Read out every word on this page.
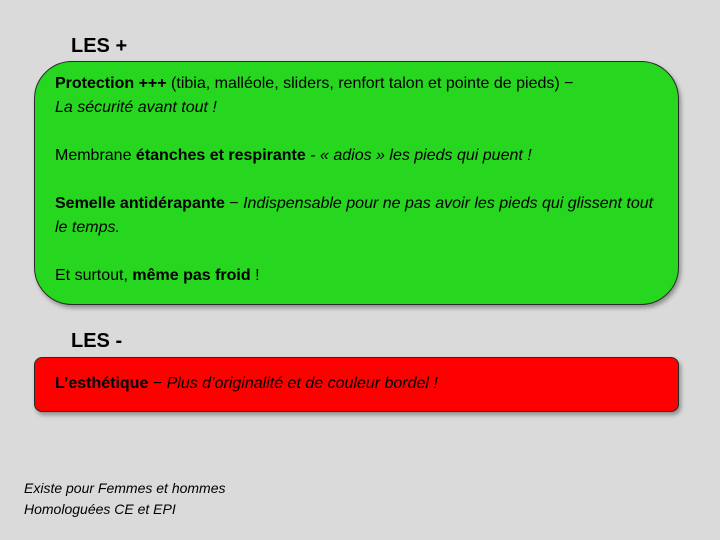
LES +

Protection +++ (tibia, malléole, sliders, renfort talon et pointe de pieds) −
La sécurité avant tout !

Membrane étanches et respirante - « adios » les pieds qui puent !

Semelle antidérapante − Indispensable pour ne pas avoir les pieds qui glissent tout le temps.

Et surtout, même pas froid !

LES -

L’esthétique − Plus d’originalité et de couleur bordel !

Existe pour Femmes et hommes
Homologuées CE et EPI
